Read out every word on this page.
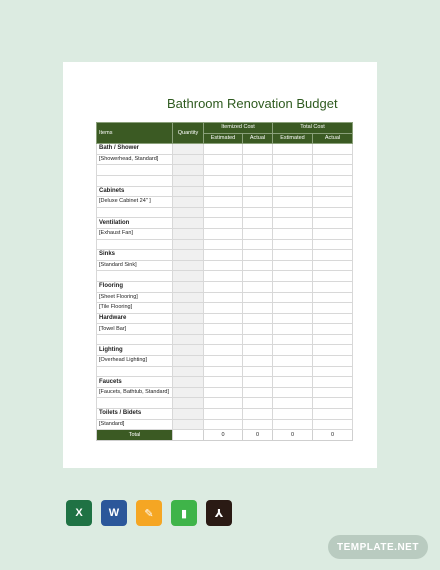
Bathroom Renovation Budget
Items	Quantity	Itemized Cost		Total Cost	
		Estimated	Actual	Estimated	Actual
Bath / Shower					
[Showerhead, Standard]					

Cabinets					
[Deluxe Cabinet 24" ]					

Ventilation					
[Exhaust Fan]					

Sinks					
[Standard Sink]					

Flooring					
[Sheet Flooring]					
[Tile Flooring]					
Hardware					
[Towel Bar]					

Lighting					
[Overhead Lighting]					

Faucets					
[Faucets, Bathtub, Standard]					

Toilets / Bidets					
[Standard]					
Total		0	0	0	0
X	W	✎	▮	⅄
TEMPLATE.NET
